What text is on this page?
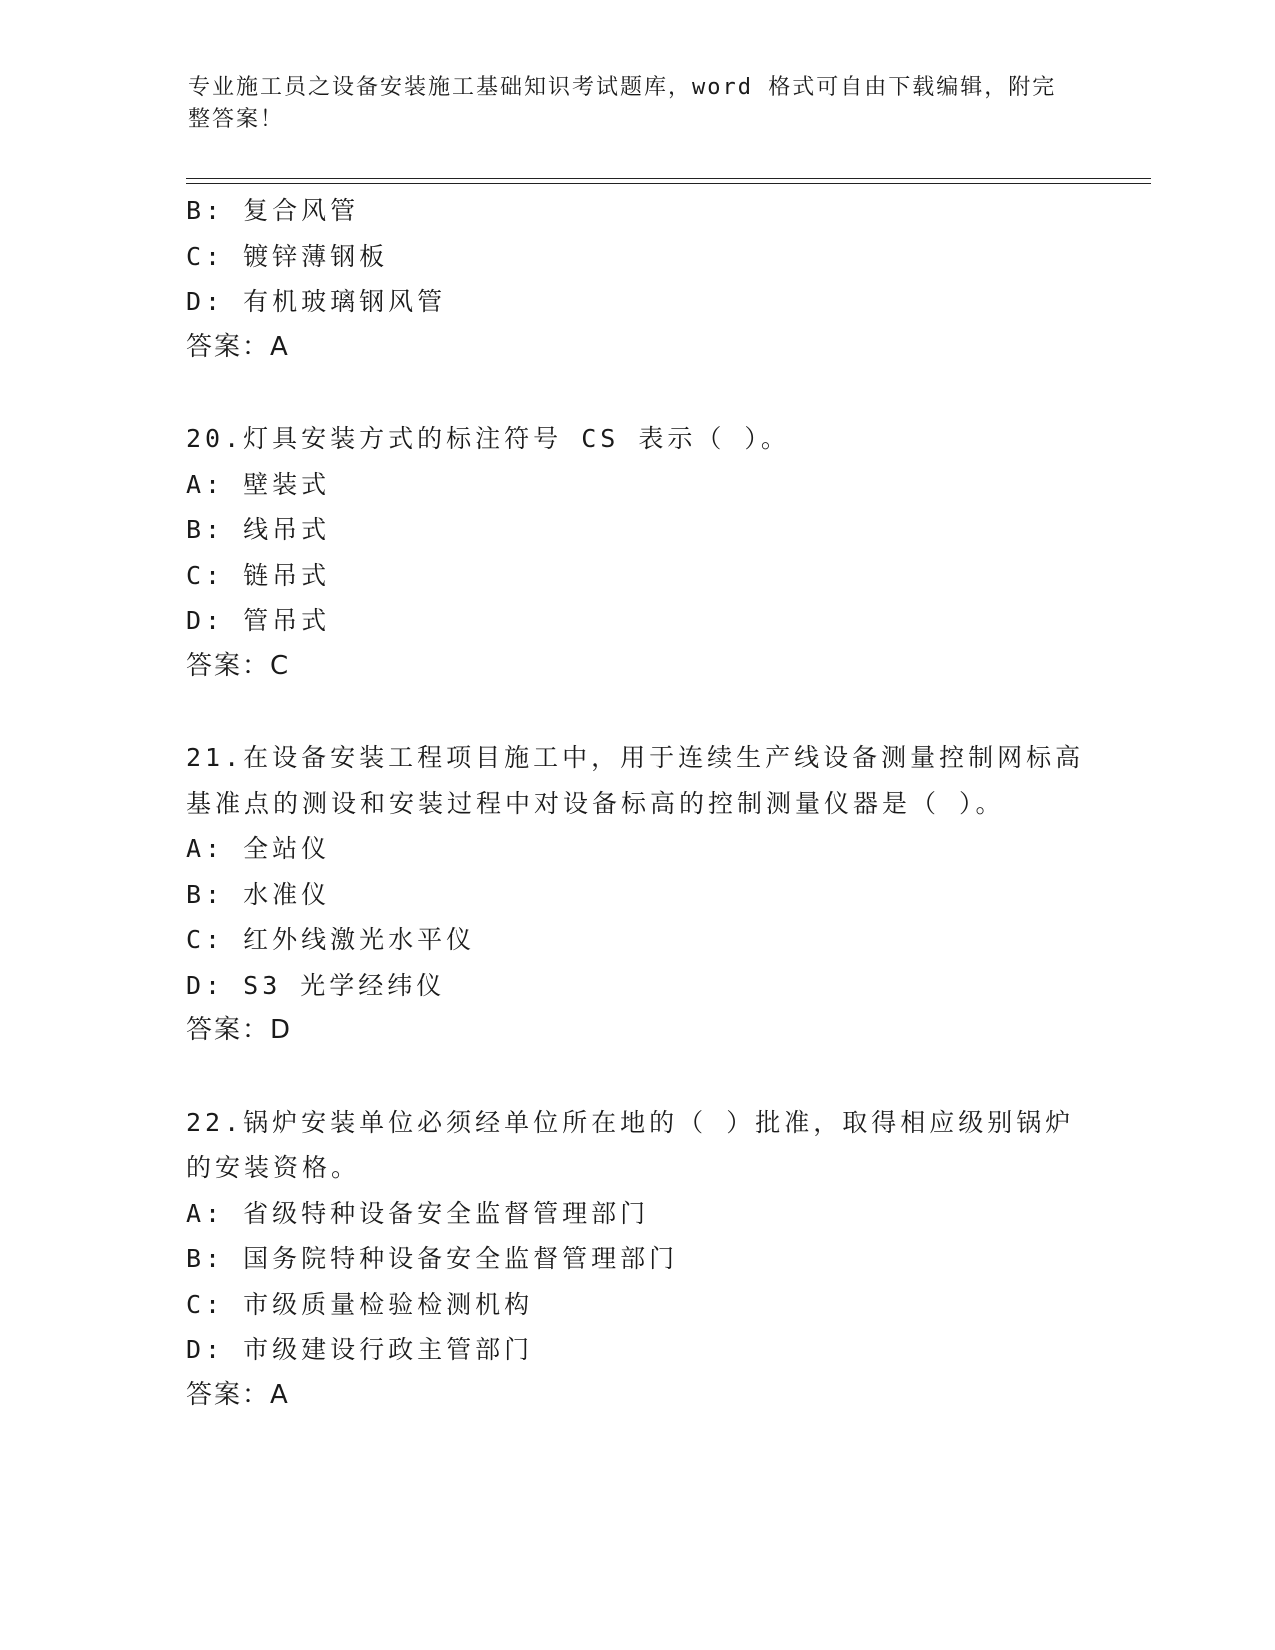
专业施工员之设备安装施工基础知识考试题库，word 格式可自由下载编辑，附完
整答案！
B: 复合风管
C: 镀锌薄钢板
D: 有机玻璃钢风管
答案：A
20.灯具安装方式的标注符号 CS 表示（ ）。
A: 壁装式
B: 线吊式
C: 链吊式
D: 管吊式
答案：C
21.在设备安装工程项目施工中，用于连续生产线设备测量控制网标高
基准点的测设和安装过程中对设备标高的控制测量仪器是（ ）。
A: 全站仪
B: 水准仪
C: 红外线激光水平仪
D: S3 光学经纬仪
答案：D
22.锅炉安装单位必须经单位所在地的（ ）批准，取得相应级别锅炉
的安装资格。
A: 省级特种设备安全监督管理部门
B: 国务院特种设备安全监督管理部门
C: 市级质量检验检测机构
D: 市级建设行政主管部门
答案：A
